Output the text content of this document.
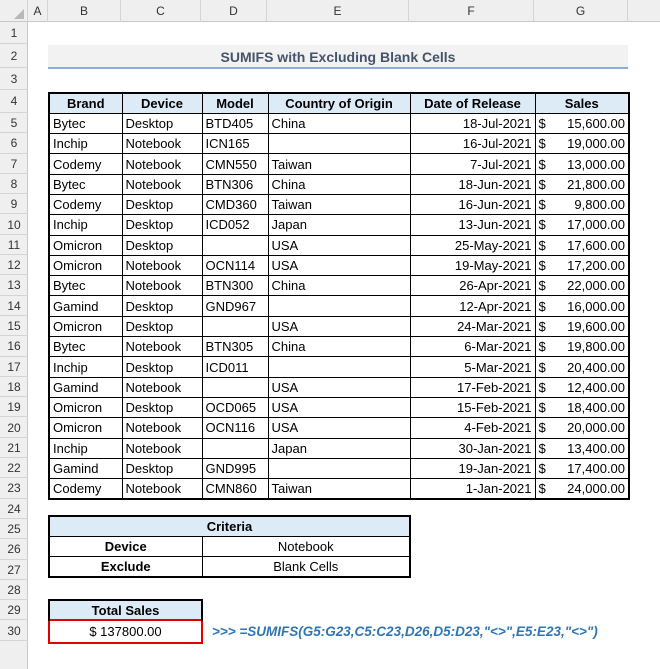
A	B	C	D	E	F	G
1
2
3
4
5
6
7
8
9
10
11
12
13
14
15
16
17
18
19
20
21
22
23
24
25
26
27
28
29
30
SUMIFS with Excluding Blank Cells
Brand	Device	Model	Country of Origin	Date of Release	Sales
Bytec	Desktop	BTD405	China	18-Jul-2021	$ 15,600.00

Inchip	Notebook	ICN165		16-Jul-2021	$ 19,000.00

Codemy	Notebook	CMN550	Taiwan	7-Jul-2021	$ 13,000.00

Bytec	Notebook	BTN306	China	18-Jun-2021	$ 21,800.00

Codemy	Desktop	CMD360	Taiwan	16-Jun-2021	$ 9,800.00

Inchip	Desktop	ICD052	Japan	13-Jun-2021	$ 17,000.00

Omicron	Desktop		USA	25-May-2021	$ 17,600.00

Omicron	Notebook	OCN114	USA	19-May-2021	$ 17,200.00

Bytec	Notebook	BTN300	China	26-Apr-2021	$ 22,000.00

Gamind	Desktop	GND967		12-Apr-2021	$ 16,000.00

Omicron	Desktop		USA	24-Mar-2021	$ 19,600.00

Bytec	Notebook	BTN305	China	6-Mar-2021	$ 19,800.00

Inchip	Desktop	ICD011		5-Mar-2021	$ 20,400.00

Gamind	Notebook		USA	17-Feb-2021	$ 12,400.00

Omicron	Desktop	OCD065	USA	15-Feb-2021	$ 18,400.00

Omicron	Notebook	OCN116	USA	4-Feb-2021	$ 20,000.00

Inchip	Notebook		Japan	30-Jan-2021	$ 13,400.00

Gamind	Desktop	GND995		19-Jan-2021	$ 17,400.00

Codemy	Notebook	CMN860	Taiwan	1-Jan-2021	$ 24,000.00
Criteria	
Device	Notebook
Exclude	Blank Cells
Total Sales
$ 137800.00	>>> =SUMIFS(G5:G23,C5:C23,D26,D5:D23,"<>",E5:E23,"<>")
